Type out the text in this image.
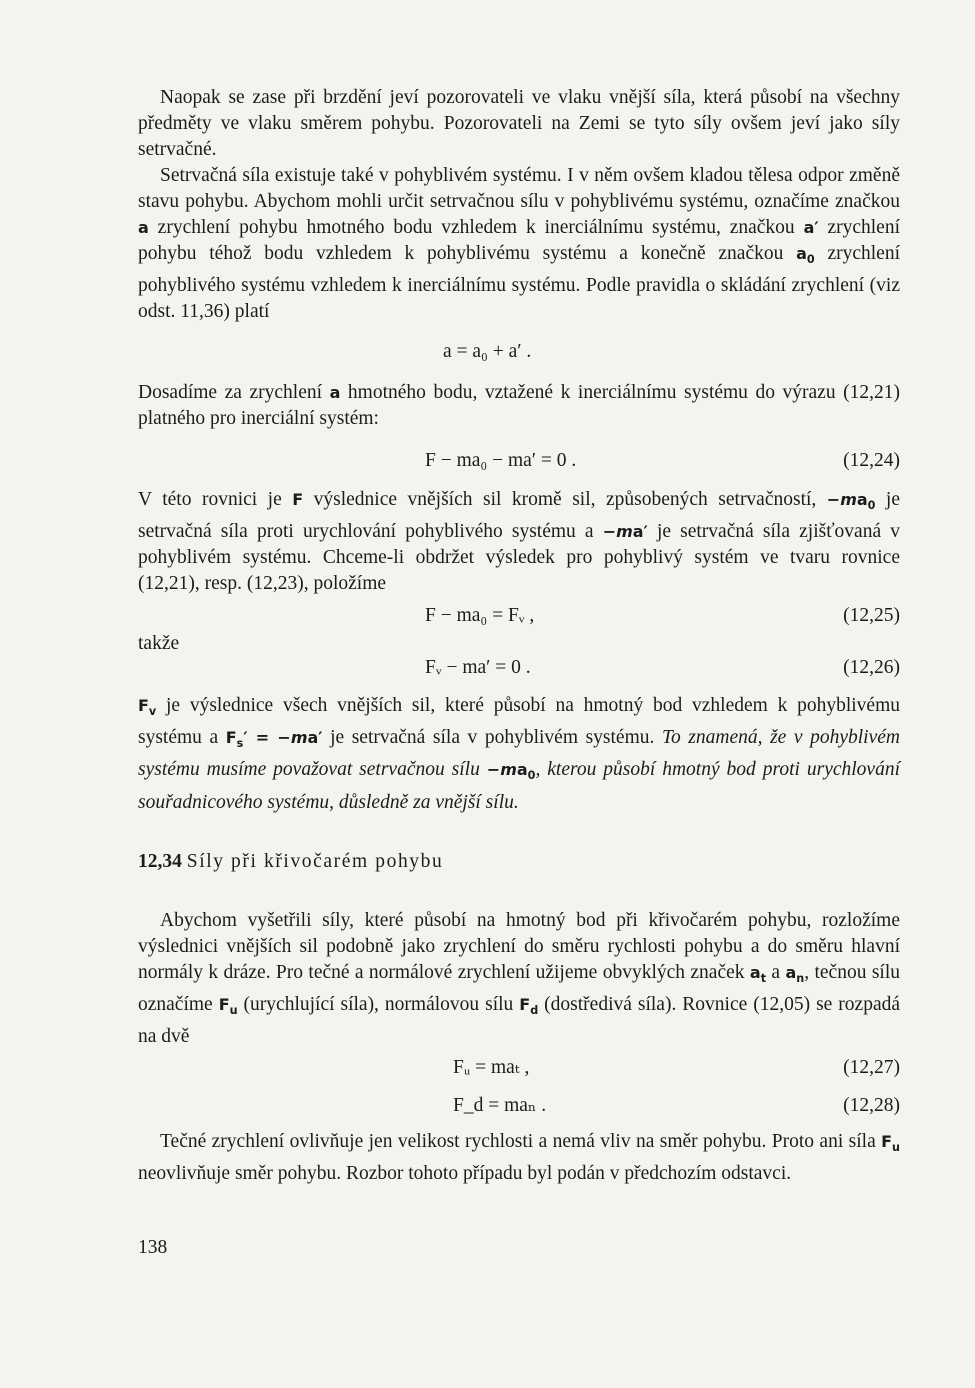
Naopak se zase při brzdění jeví pozorovateli ve vlaku vnější síla, která působí na všechny předměty ve vlaku směrem pohybu. Pozorovateli na Zemi se tyto síly ovšem jeví jako síly setrvačné.

Setrvačná síla existuje také v pohyblivém systému. I v něm ovšem kladou tělesa odpor změně stavu pohybu. Abychom mohli určit setrvačnou sílu v pohyblivému systému, označíme značkou a zrychlení pohybu hmotného bodu vzhledem k inerciálnímu systému, značkou a′ zrychlení pohybu téhož bodu vzhledem k pohyblivému systému a konečně značkou $a_0$ zrychlení pohyblivého systému vzhledem k inerciálnímu systému. Podle pravidla o skládání zrychlení (viz odst. 11,36) platí

a = a₀ + a′ .

Dosadíme za zrychlení a hmotného bodu, vztažené k inerciálnímu systému do výrazu (12,21) platného pro inerciální systém:

F − ma₀ − ma′ = 0 .	(12,24)

V této rovnici je F výslednice vnějších sil kromě sil, způsobených setrvačností, $-ma_0$ je setrvačná síla proti urychlování pohyblivého systému a −ma′ je setrvačná síla zjišťovaná v pohyblivém systému. Chceme-li obdržet výsledek pro pohyblivý systém ve tvaru rovnice (12,21), resp. (12,23), položíme

F − ma₀ = Fᵥ ,	(12,25)
takže
Fᵥ − ma′ = 0 .	(12,26)

$F_v$ je výslednice všech vnějších sil, které působí na hmotný bod vzhledem k pohyblivému systému a $F_s' = -ma'$ je setrvačná síla v pohyblivém systému. To znamená, že v pohyblivém systému musíme považovat setrvačnou sílu $-ma_0$, kterou působí hmotný bod proti urychlování souřadnicového systému, důsledně za vnější sílu.

12,34 Síly při křivočarém pohybu

Abychom vyšetřili síly, které působí na hmotný bod při křivočarém pohybu, rozložíme výslednici vnějších sil podobně jako zrychlení do směru rychlosti pohybu a do směru hlavní normály k dráze. Pro tečné a normálové zrychlení užijeme obvyklých značek $a_t$ a $a_n$, tečnou sílu označíme $F_u$ (urychlující síla), normálovou sílu $F_d$ (dostředivá síla). Rovnice (12,05) se rozpadá na dvě

Fᵤ = maₜ ,	(12,27)
F_d = maₙ .	(12,28)

Tečné zrychlení ovlivňuje jen velikost rychlosti a nemá vliv na směr pohybu. Proto ani síla $F_u$ neovlivňuje směr pohybu. Rozbor tohoto případu byl podán v předchozím odstavci.

138
